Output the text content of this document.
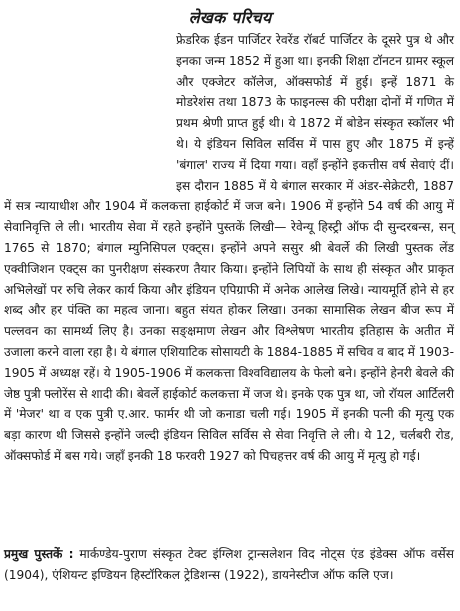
लेखक परिचय
फ्रेडरिक ईडन पार्जिटर रेवरेंड रॉबर्ट पार्जिटर के दूसरे पुत्र थे और इनका जन्म 1852 में हुआ था। इनकी शिक्षा टॉनटन ग्रामर स्कूल और एक्जेटर कॉलेज, ऑक्सफोर्ड में हुई। इन्हें 1871 के मोडरेशंस तथा 1873 के फाइनल्स की परीक्षा दोनों में गणित में प्रथम श्रेणी प्राप्त हुई थी। ये 1872 में बोडेन संस्कृत स्कॉलर भी थे। ये इंडियन सिविल सर्विस में पास हुए और 1875 में इन्हें 'बंगाल' राज्य में दिया गया। वहाँ इन्होंने इकत्तीस वर्ष सेवाएं दीं। इस दौरान 1885 में ये बंगाल सरकार में अंडर-सेक्रेटरी, 1887 में सत्र न्यायाधीश और 1904 में कलकत्ता हाईकोर्ट में जज बने। 1906 में इन्होंने 54 वर्ष की आयु में सेवानिवृत्ति ले ली। भारतीय सेवा में रहते इन्होंने पुस्तकें लिखी— रेवेन्यू हिस्ट्री ऑफ दी सुन्दरबन्स, सन् 1765 से 1870; बंगाल म्युनिसिपल एक्ट्स। इन्होंने अपने ससुर श्री बेवर्ले की लिखी पुस्तक लेंड एक्वीजिशन एक्ट्स का पुनरीक्षण संस्करण तैयार किया। इन्होंने लिपियों के साथ ही संस्कृत और प्राकृत अभिलेखों पर रुचि लेकर कार्य किया और इंडियन एपिग्राफी में अनेक आलेख लिखे। न्यायमूर्ति होने से हर शब्द और हर पंक्ति का महत्व जाना। बहुत संयत होकर लिखा। उनका सामासिक लेखन बीज रूप में पल्लवन का सामर्थ्य लिए है। उनका सङ्क्षमाण लेखन और विश्लेषण भारतीय इतिहास के अतीत में उजाला करने वाला रहा है। ये बंगाल एशियाटिक सोसायटी के 1884-1885 में सचिव व बाद में 1903-1905 में अध्यक्ष रहें। ये 1905-1906 में कलकत्ता विश्वविद्यालय के फेलो बने। इन्होंने हेनरी बेवले की जेष्ठ पुत्री फ्लोरेंस से शादी की। बेवर्ले हाईकोर्ट कलकत्ता में जज थे। इनके एक पुत्र था, जो रॉयल आर्टिलरी में 'मेजर' था व एक पुत्री ए.आर. फार्मर थी जो कनाडा चली गई। 1905 में इनकी पत्नी की मृत्यु एक बड़ा कारण थी जिससे इन्होंने जल्दी इंडियन सिविल सर्विस से सेवा निवृत्ति ले ली। ये 12, चर्लबरी रोड, ऑक्सफोर्ड में बस गये। जहाँ इनकी 18 फरवरी 1927 को पिचहत्तर वर्ष की आयु में मृत्यु हो गई।
प्रमुख पुस्तकें : मार्कण्डेय-पुराण संस्कृत टेक्ट इंग्लिश ट्रान्सलेशन विद नोट्स एंड इंडेक्स ऑफ वर्सेस (1904), एंशियन्ट इण्डियन हिस्टॉरिकल ट्रेडिशन्स (1922), डायनेस्टीज ऑफ कलि एज।
